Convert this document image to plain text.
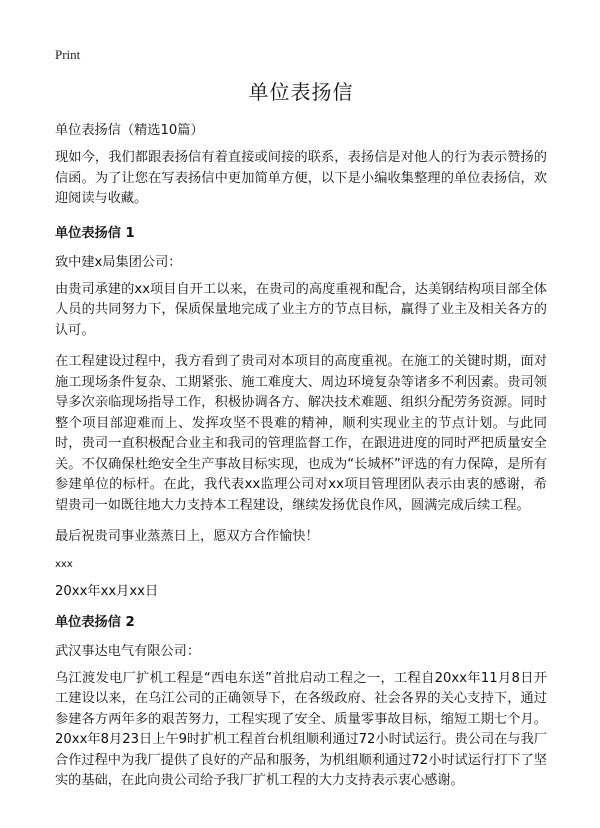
Print
单位表扬信
单位表扬信（精选10篇）

现如今，我们都跟表扬信有着直接或间接的联系，表扬信是对他人的行为表示赞扬的信函。为了让您在写表扬信中更加简单方便，以下是小编收集整理的单位表扬信，欢迎阅读与收藏。

单位表扬信 1
致中建x局集团公司：

由贵司承建的xx项目自开工以来，在贵司的高度重视和配合，达美钢结构项目部全体人员的共同努力下，保质保量地完成了业主方的节点目标，赢得了业主及相关各方的认可。

在工程建设过程中，我方看到了贵司对本项目的高度重视。在施工的关键时期，面对施工现场条件复杂、工期紧张、施工难度大、周边环境复杂等诸多不利因素。贵司领导多次亲临现场指导工作，积极协调各方、解决技术难题、组织分配劳务资源。同时整个项目部迎难而上、发挥攻坚不畏难的精神，顺利实现业主的节点计划。与此同时，贵司一直积极配合业主和我司的管理监督工作，在跟进进度的同时严把质量安全关。不仅确保杜绝安全生产事故目标实现，也成为“长城杯”评选的有力保障，是所有参建单位的标杆。在此，我代表xx监理公司对xx项目管理团队表示由衷的感谢，希望贵司一如既往地大力支持本工程建设，继续发扬优良作风，圆满完成后续工程。

最后祝贵司事业蒸蒸日上，愿双方合作愉快！

xxx
20xx年xx月xx日
单位表扬信 2
武汉事达电气有限公司：

乌江渡发电厂扩机工程是“西电东送”首批启动工程之一，工程自20xx年11月8日开工建设以来，在乌江公司的正确领导下，在各级政府、社会各界的关心支持下，通过参建各方两年多的艰苦努力，工程实现了安全、质量零事故目标，缩短工期七个月。20xx年8月23日上午9时扩机工程首台机组顺利通过72小时试运行。贵公司在与我厂合作过程中为我厂提供了良好的产品和服务，为机组顺利通过72小时试运行打下了坚实的基础，在此向贵公司给予我厂扩机工程的大力支持表示衷心感谢。
